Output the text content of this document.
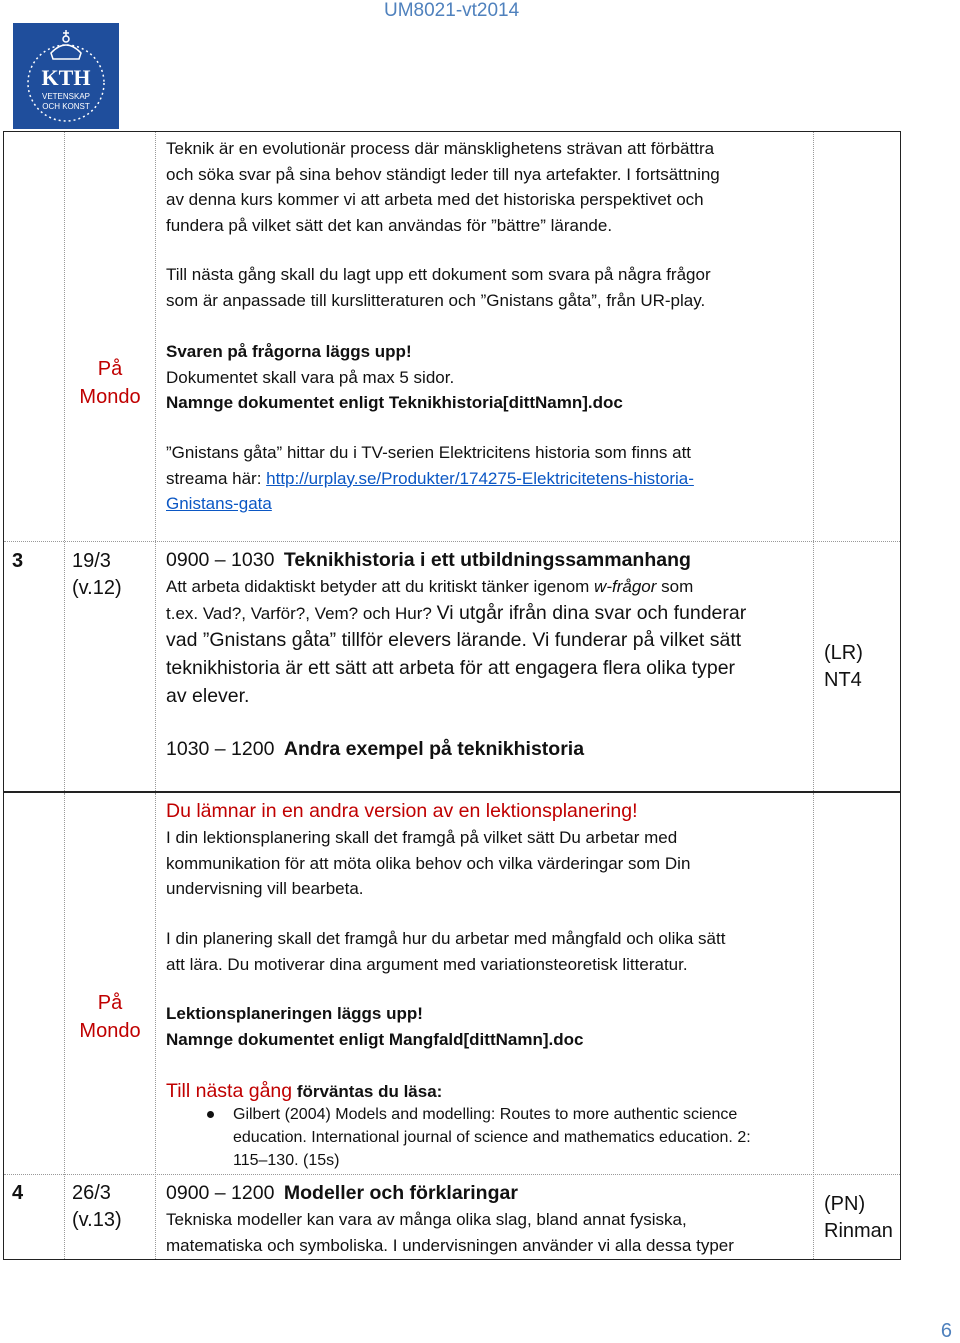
UM8021-vt2014
KTH
VETENSKAP
OCH KONST
Teknik är en evolutionär process där mänsklighetens strävan att förbättra
och söka svar på sina behov ständigt leder till nya artefakter. I fortsättning
av denna kurs kommer vi att arbeta med det historiska perspektivet och
fundera på vilket sätt det kan användas för ”bättre” lärande.
Till nästa gång skall du lagt upp ett dokument som svara på några frågor
som är anpassade till kurslitteraturen och ”Gnistans gåta”, från UR-play.
På
Mondo
Svaren på frågorna läggs upp!
Dokumentet skall vara på max 5 sidor.
Namnge dokumentet enligt Teknikhistoria[dittNamn].doc
”Gnistans gåta” hittar du i TV-serien Elektricitens historia som finns att
streama här: http://urplay.se/Produkter/174275-Elektricitetens-historia-
Gnistans-gata
3 19/3
(v.12)
0900 – 1030 Teknikhistoria i ett utbildningssammanhang
Att arbeta didaktiskt betyder att du kritiskt tänker igenom w-frågor som
t.ex. Vad?, Varför?, Vem? och Hur? Vi utgår ifrån dina svar och funderar
vad ”Gnistans gåta” tillför elevers lärande. Vi funderar på vilket sätt
teknikhistoria är ett sätt att arbeta för att engagera flera olika typer
av elever.
(LR)
NT4
1030 – 1200 Andra exempel på teknikhistoria
Du lämnar in en andra version av en lektionsplanering!
I din lektionsplanering skall det framgå på vilket sätt Du arbetar med
kommunikation för att möta olika behov och vilka värderingar som Din
undervisning vill bearbeta.
I din planering skall det framgå hur du arbetar med mångfald och olika sätt
att lära. Du motiverar dina argument med variationsteoretisk litteratur.
På
Mondo
Lektionsplaneringen läggs upp!
Namnge dokumentet enligt Mangfald[dittNamn].doc
Till nästa gång förväntas du läsa:
Gilbert (2004) Models and modelling: Routes to more authentic science
education. International journal of science and mathematics education. 2:
115–130. (15s)
4 26/3
(v.13)
0900 – 1200 Modeller och förklaringar
Tekniska modeller kan vara av många olika slag, bland annat fysiska,
matematiska och symboliska. I undervisningen använder vi alla dessa typer
(PN)
Rinman
6
